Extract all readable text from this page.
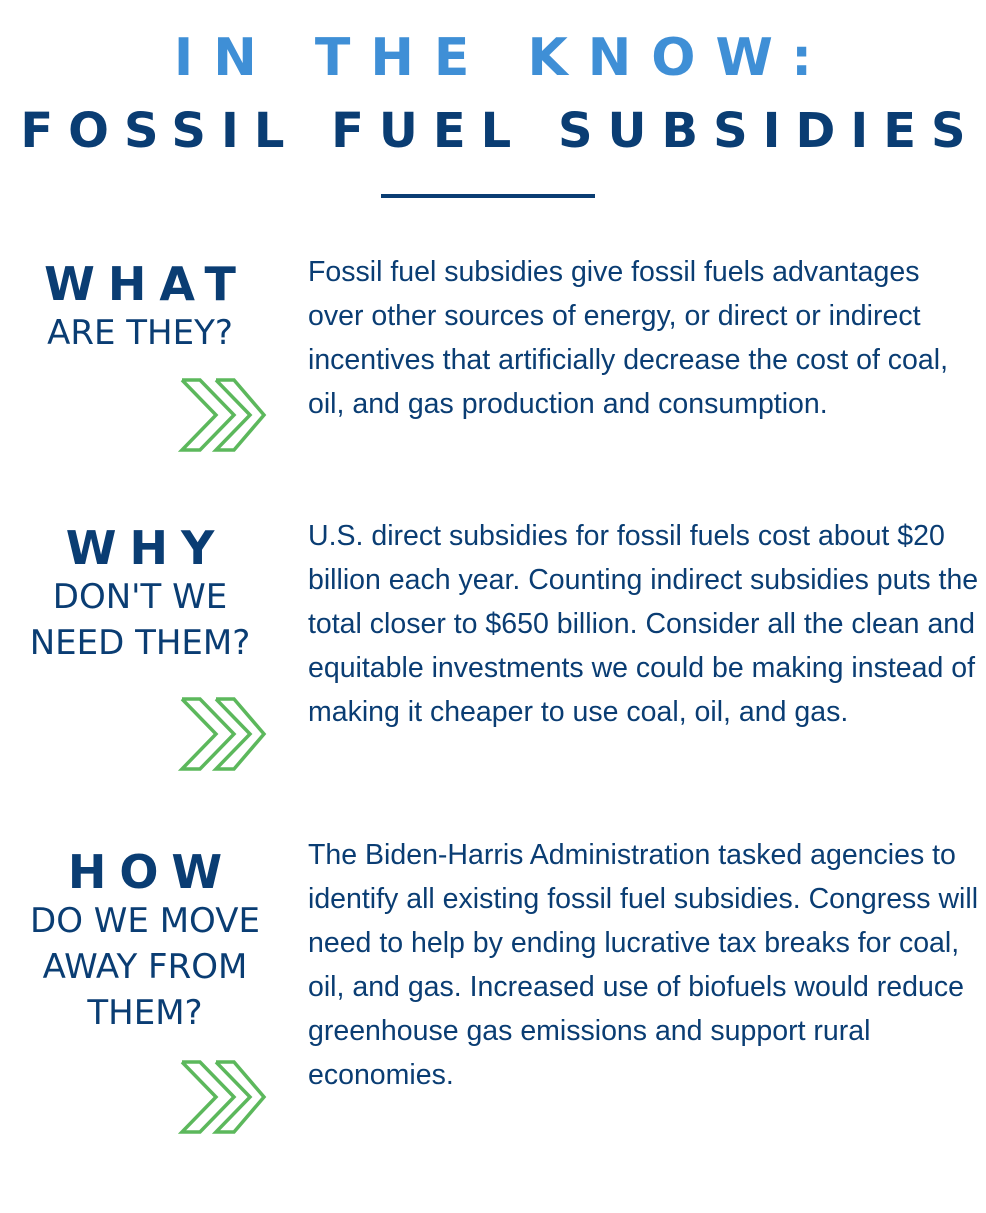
IN THE KNOW:
FOSSIL FUEL SUBSIDIES
WHAT
ARE THEY?
Fossil fuel subsidies give fossil fuels advantages over other sources of energy, or direct or indirect incentives that artificially decrease the cost of coal, oil, and gas production and consumption.
WHY
DON'T WE
NEED THEM?
U.S. direct subsidies for fossil fuels cost about $20 billion each year. Counting indirect subsidies puts the total closer to $650 billion. Consider all the clean and equitable investments we could be making instead of making it cheaper to use coal, oil, and gas.
HOW
DO WE MOVE
AWAY FROM
THEM?
The Biden-Harris Administration tasked agencies to identify all existing fossil fuel subsidies. Congress will need to help by ending lucrative tax breaks for coal, oil, and gas. Increased use of biofuels would reduce greenhouse gas emissions and support rural economies.
